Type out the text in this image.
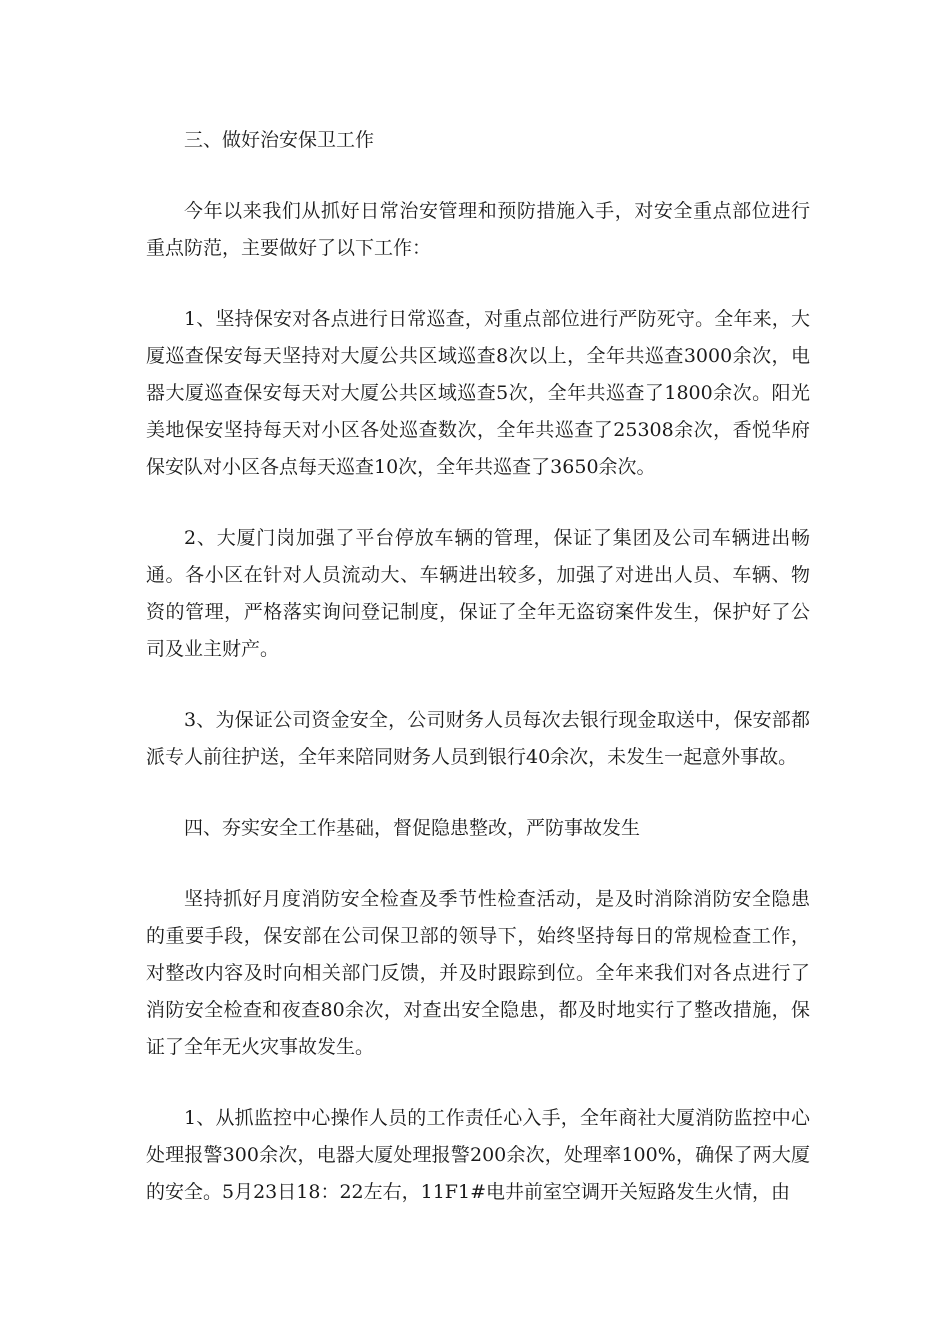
三、做好治安保卫工作

今年以来我们从抓好日常治安管理和预防措施入手，对安全重点部位进行重点防范，主要做好了以下工作：

1、坚持保安对各点进行日常巡查，对重点部位进行严防死守。全年来，大厦巡查保安每天坚持对大厦公共区域巡查8次以上，全年共巡查3000余次，电器大厦巡查保安每天对大厦公共区域巡查5次，全年共巡查了1800余次。阳光美地保安坚持每天对小区各处巡查数次，全年共巡查了25308余次，香悦华府保安队对小区各点每天巡查10次，全年共巡查了3650余次。

2、大厦门岗加强了平台停放车辆的管理，保证了集团及公司车辆进出畅通。各小区在针对人员流动大、车辆进出较多，加强了对进出人员、车辆、物资的管理，严格落实询问登记制度，保证了全年无盗窃案件发生，保护好了公司及业主财产。

3、为保证公司资金安全，公司财务人员每次去银行现金取送中，保安部都派专人前往护送，全年来陪同财务人员到银行40余次，未发生一起意外事故。

四、夯实安全工作基础，督促隐患整改，严防事故发生

坚持抓好月度消防安全检查及季节性检查活动，是及时消除消防安全隐患的重要手段，保安部在公司保卫部的领导下，始终坚持每日的常规检查工作，对整改内容及时向相关部门反馈，并及时跟踪到位。全年来我们对各点进行了消防安全检查和夜查80余次，对查出安全隐患，都及时地实行了整改措施，保证了全年无火灾事故发生。

1、从抓监控中心操作人员的工作责任心入手，全年商社大厦消防监控中心处理报警300余次，电器大厦处理报警200余次，处理率100%，确保了两大厦的安全。5月23日18：22左右，11F1#电井前室空调开关短路发生火情，由
